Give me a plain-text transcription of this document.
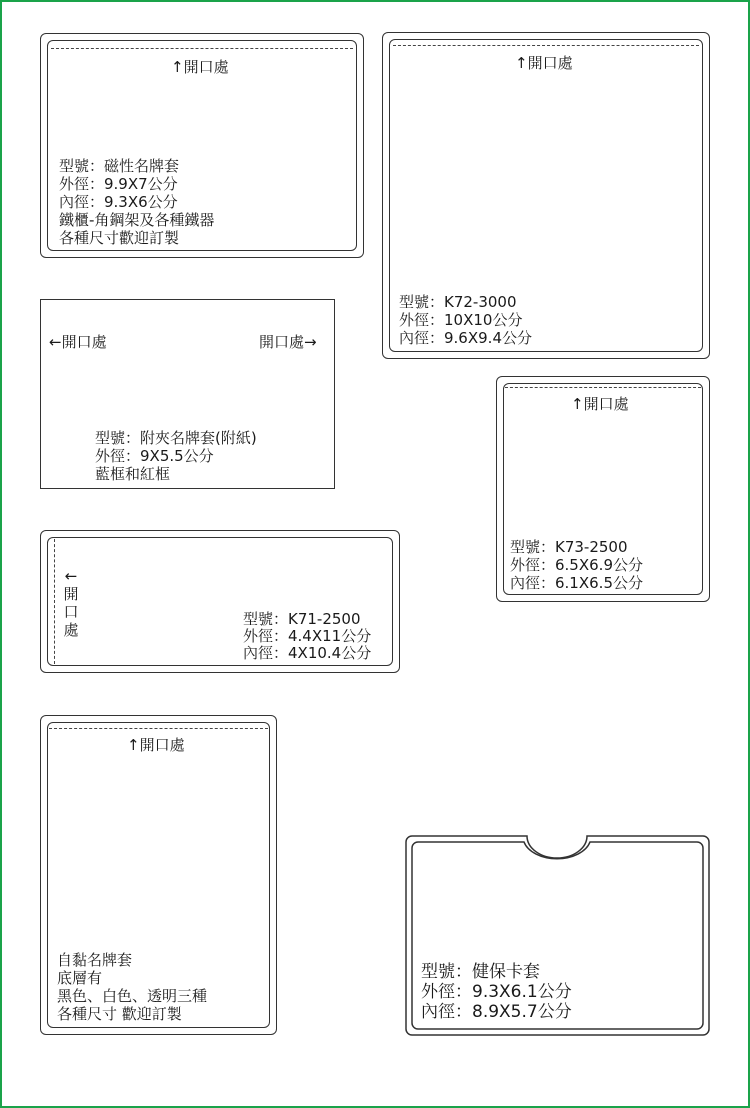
↑開口處
型號：磁性名牌套
外徑：9.9X7公分
內徑：9.3X6公分
鐵櫃-角鋼架及各種鐵器
各種尺寸歡迎訂製
↑開口處
型號：K72-3000
外徑：10X10公分
內徑：9.6X9.4公分
←開口處	開口處→
型號：附夾名牌套(附紙)
外徑：9X5.5公分
藍框和紅框
↑開口處
型號：K73-2500
外徑：6.5X6.9公分
內徑：6.1X6.5公分
←開口處
型號：K71-2500
外徑：4.4X11公分
內徑：4X10.4公分
↑開口處
自黏名牌套
底層有
黑色、白色、透明三種
各種尺寸 歡迎訂製
型號：健保卡套
外徑：9.3X6.1公分
內徑：8.9X5.7公分
